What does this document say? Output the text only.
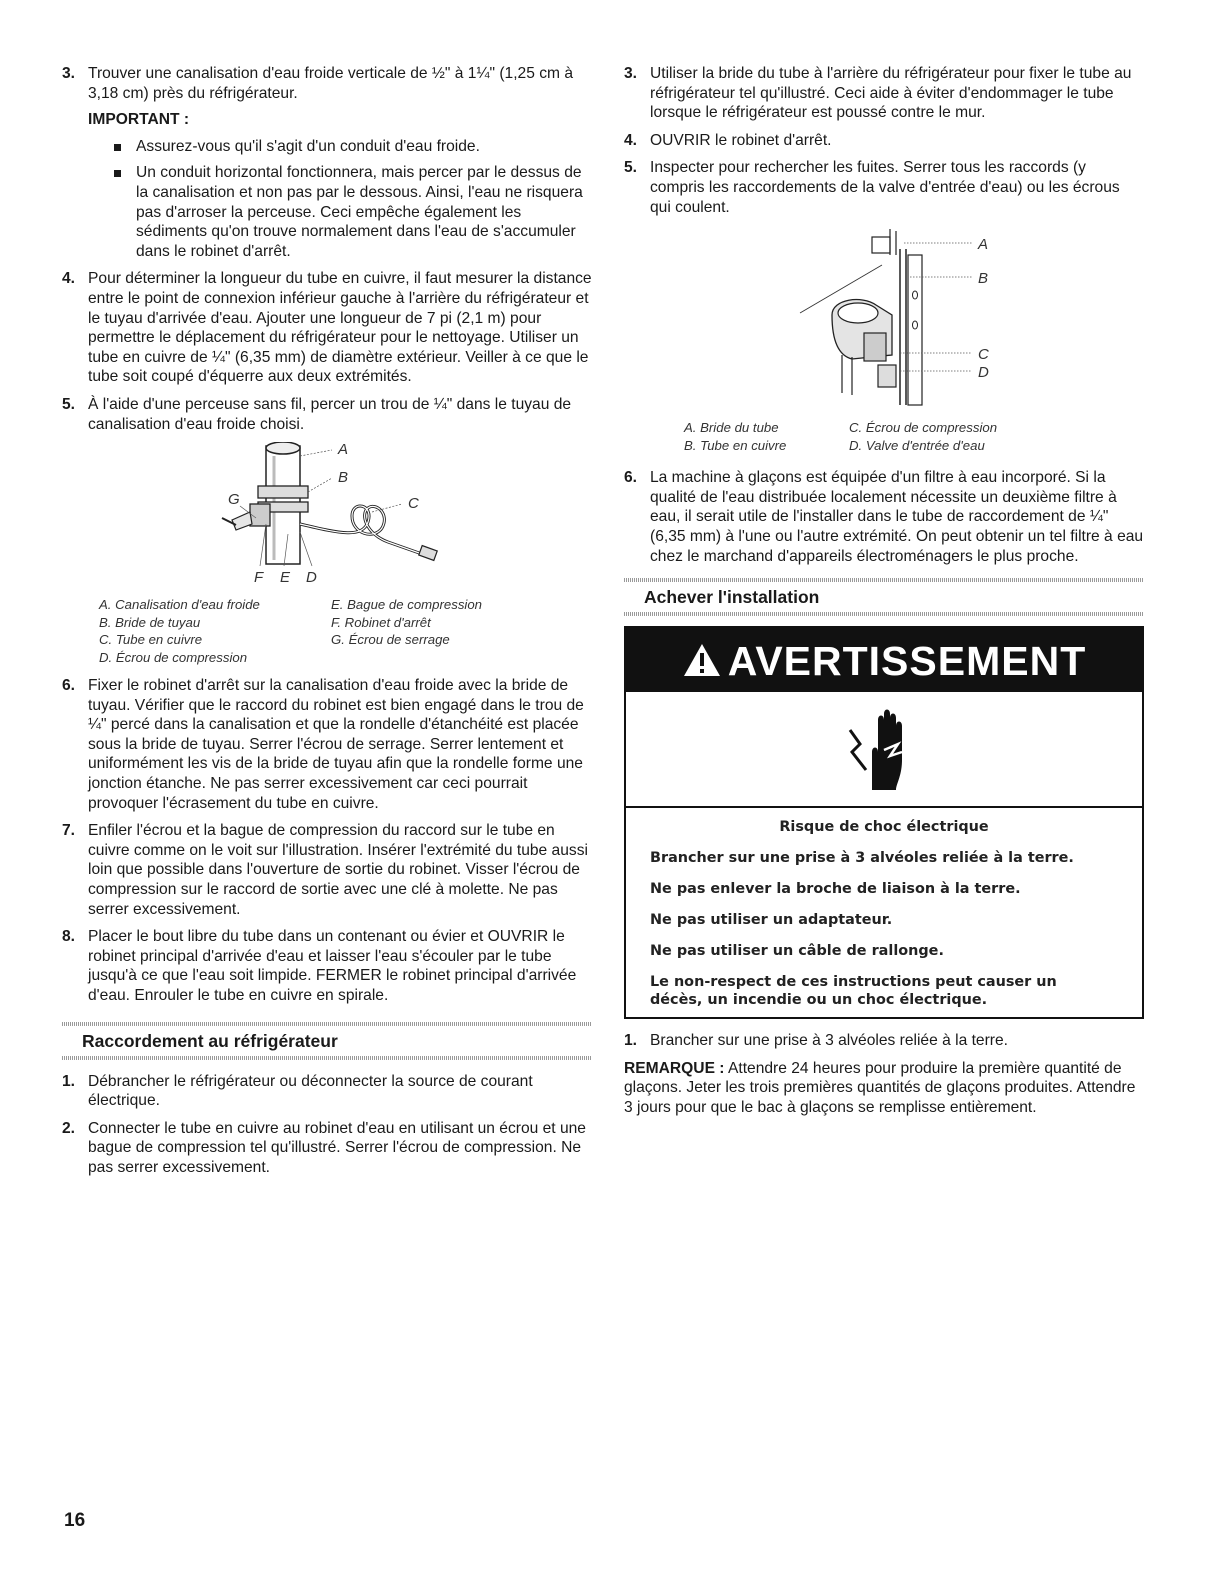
3. Trouver une canalisation d'eau froide verticale de ½" à 1¼" (1,25 cm à 3,18 cm) près du réfrigérateur.
IMPORTANT :
Assurez-vous qu'il s'agit d'un conduit d'eau froide.
Un conduit horizontal fonctionnera, mais percer par le dessus de la canalisation et non pas par le dessous. Ainsi, l'eau ne risquera pas d'arroser la perceuse. Ceci empêche également les sédiments qu'on trouve normalement dans l'eau de s'accumuler dans le robinet d'arrêt.
4. Pour déterminer la longueur du tube en cuivre, il faut mesurer la distance entre le point de connexion inférieur gauche à l'arrière du réfrigérateur et le tuyau d'arrivée d'eau. Ajouter une longueur de 7 pi (2,1 m) pour permettre le déplacement du réfrigérateur pour le nettoyage. Utiliser un tube en cuivre de ¼" (6,35 mm) de diamètre extérieur. Veiller à ce que le tube soit coupé d'équerre aux deux extrémités.
5. À l'aide d'une perceuse sans fil, percer un trou de ¼" dans le tuyau de canalisation d'eau froide choisi.
A
B
C
D
E
F
G
A. Canalisation d'eau froide
B. Bride de tuyau
C. Tube en cuivre
D. Écrou de compression
E. Bague de compression
F. Robinet d'arrêt
G. Écrou de serrage
6. Fixer le robinet d'arrêt sur la canalisation d'eau froide avec la bride de tuyau. Vérifier que le raccord du robinet est bien engagé dans le trou de ¼" percé dans la canalisation et que la rondelle d'étanchéité est placée sous la bride de tuyau. Serrer l'écrou de serrage. Serrer lentement et uniformément les vis de la bride de tuyau afin que la rondelle forme une jonction étanche. Ne pas serrer excessivement car ceci pourrait provoquer l'écrasement du tube en cuivre.
7. Enfiler l'écrou et la bague de compression du raccord sur le tube en cuivre comme on le voit sur l'illustration. Insérer l'extrémité du tube aussi loin que possible dans l'ouverture de sortie du robinet. Visser l'écrou de compression sur le raccord de sortie avec une clé à molette. Ne pas serrer excessivement.
8. Placer le bout libre du tube dans un contenant ou évier et OUVRIR le robinet principal d'arrivée d'eau et laisser l'eau s'écouler par le tube jusqu'à ce que l'eau soit limpide. FERMER le robinet principal d'arrivée d'eau. Enrouler le tube en cuivre en spirale.
Raccordement au réfrigérateur
1. Débrancher le réfrigérateur ou déconnecter la source de courant électrique.
2. Connecter le tube en cuivre au robinet d'eau en utilisant un écrou et une bague de compression tel qu'illustré. Serrer l'écrou de compression. Ne pas serrer excessivement.
3. Utiliser la bride du tube à l'arrière du réfrigérateur pour fixer le tube au réfrigérateur tel qu'illustré. Ceci aide à éviter d'endommager le tube lorsque le réfrigérateur est poussé contre le mur.
4. OUVRIR le robinet d'arrêt.
5. Inspecter pour rechercher les fuites. Serrer tous les raccords (y compris les raccordements de la valve d'entrée d'eau) ou les écrous qui coulent.
A
B
C
D
A. Bride du tube
B. Tube en cuivre
C. Écrou de compression
D. Valve d'entrée d'eau
6. La machine à glaçons est équipée d'un filtre à eau incorporé. Si la qualité de l'eau distribuée localement nécessite un deuxième filtre à eau, il serait utile de l'installer dans le tube de raccordement de ¼" (6,35 mm) à l'une ou l'autre extrémité. On peut obtenir un tel filtre à eau chez le marchand d'appareils électroménagers le plus proche.
Achever l'installation
AVERTISSEMENT

Risque de choc électrique

Brancher sur une prise à 3 alvéoles reliée à la terre.

Ne pas enlever la broche de liaison à la terre.

Ne pas utiliser un adaptateur.

Ne pas utiliser un câble de rallonge.

Le non-respect de ces instructions peut causer un décès, un incendie ou un choc électrique.

1. Brancher sur une prise à 3 alvéoles reliée à la terre.
REMARQUE : Attendre 24 heures pour produire la première quantité de glaçons. Jeter les trois premières quantités de glaçons produites. Attendre 3 jours pour que le bac à glaçons se remplisse entièrement.
16
